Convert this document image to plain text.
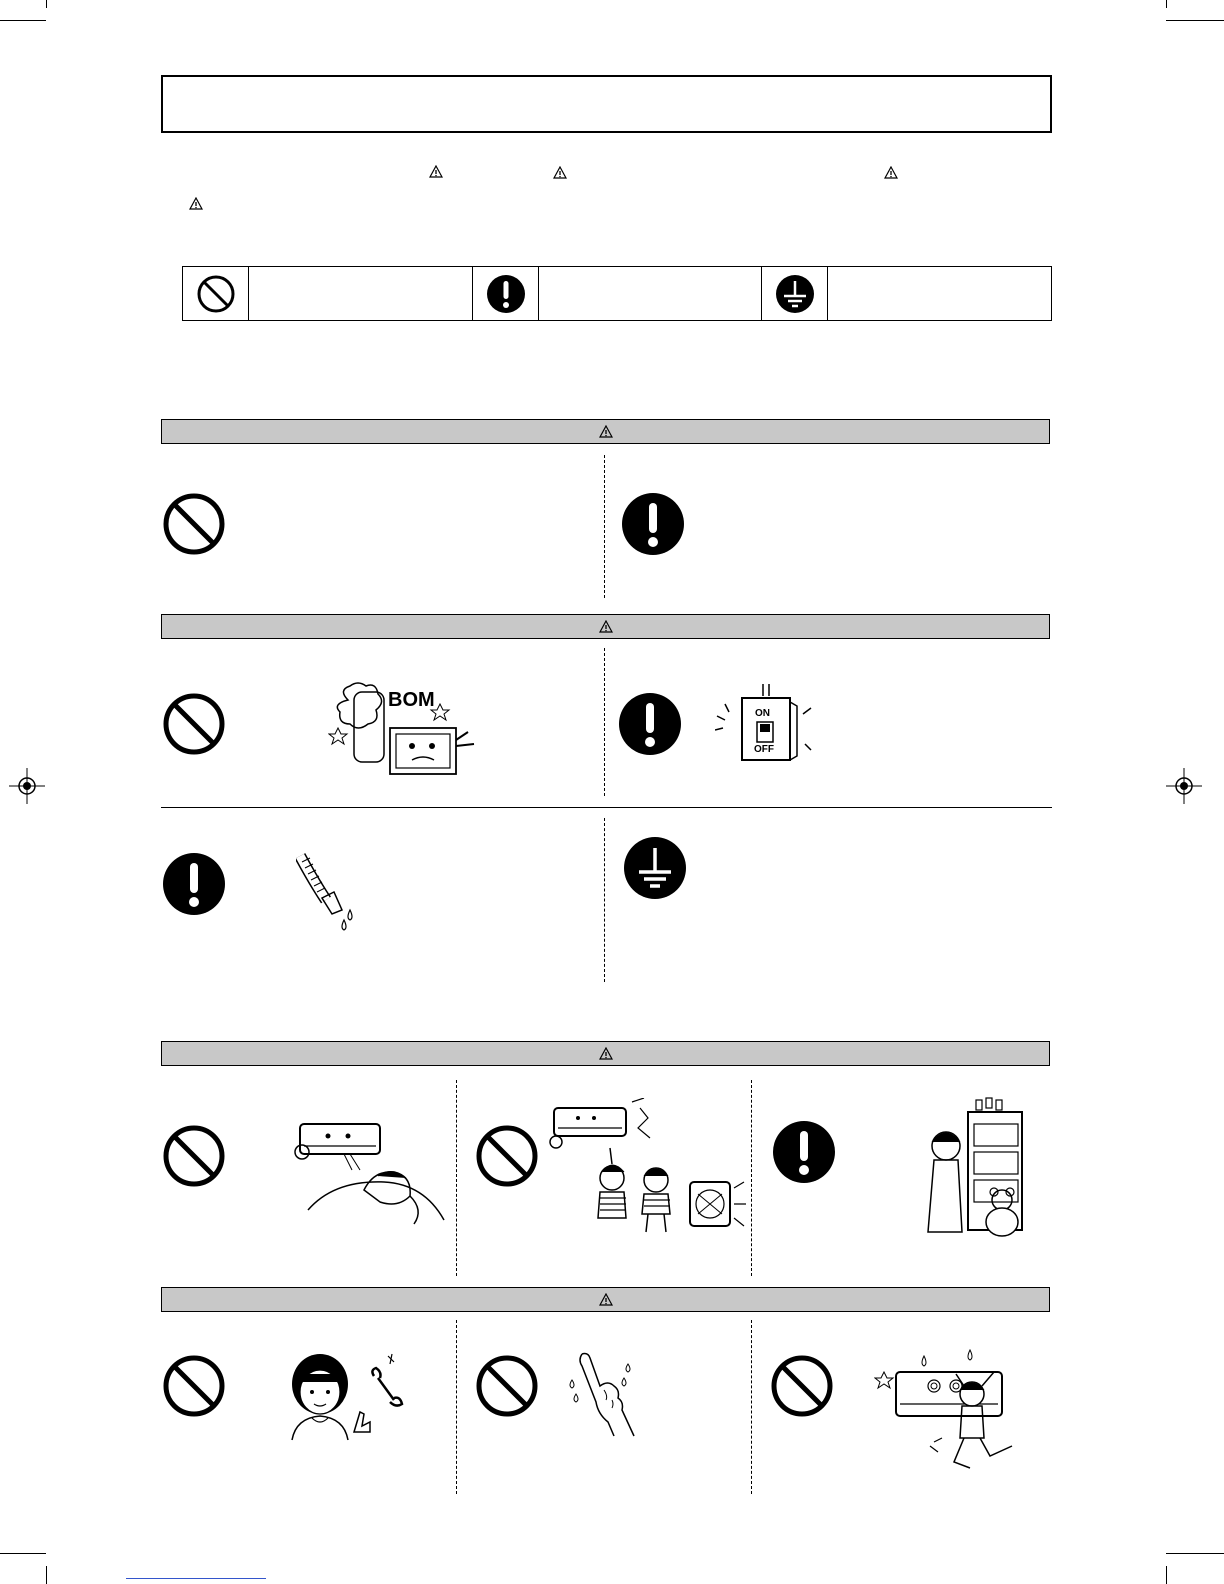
BOM
ON
OFF
